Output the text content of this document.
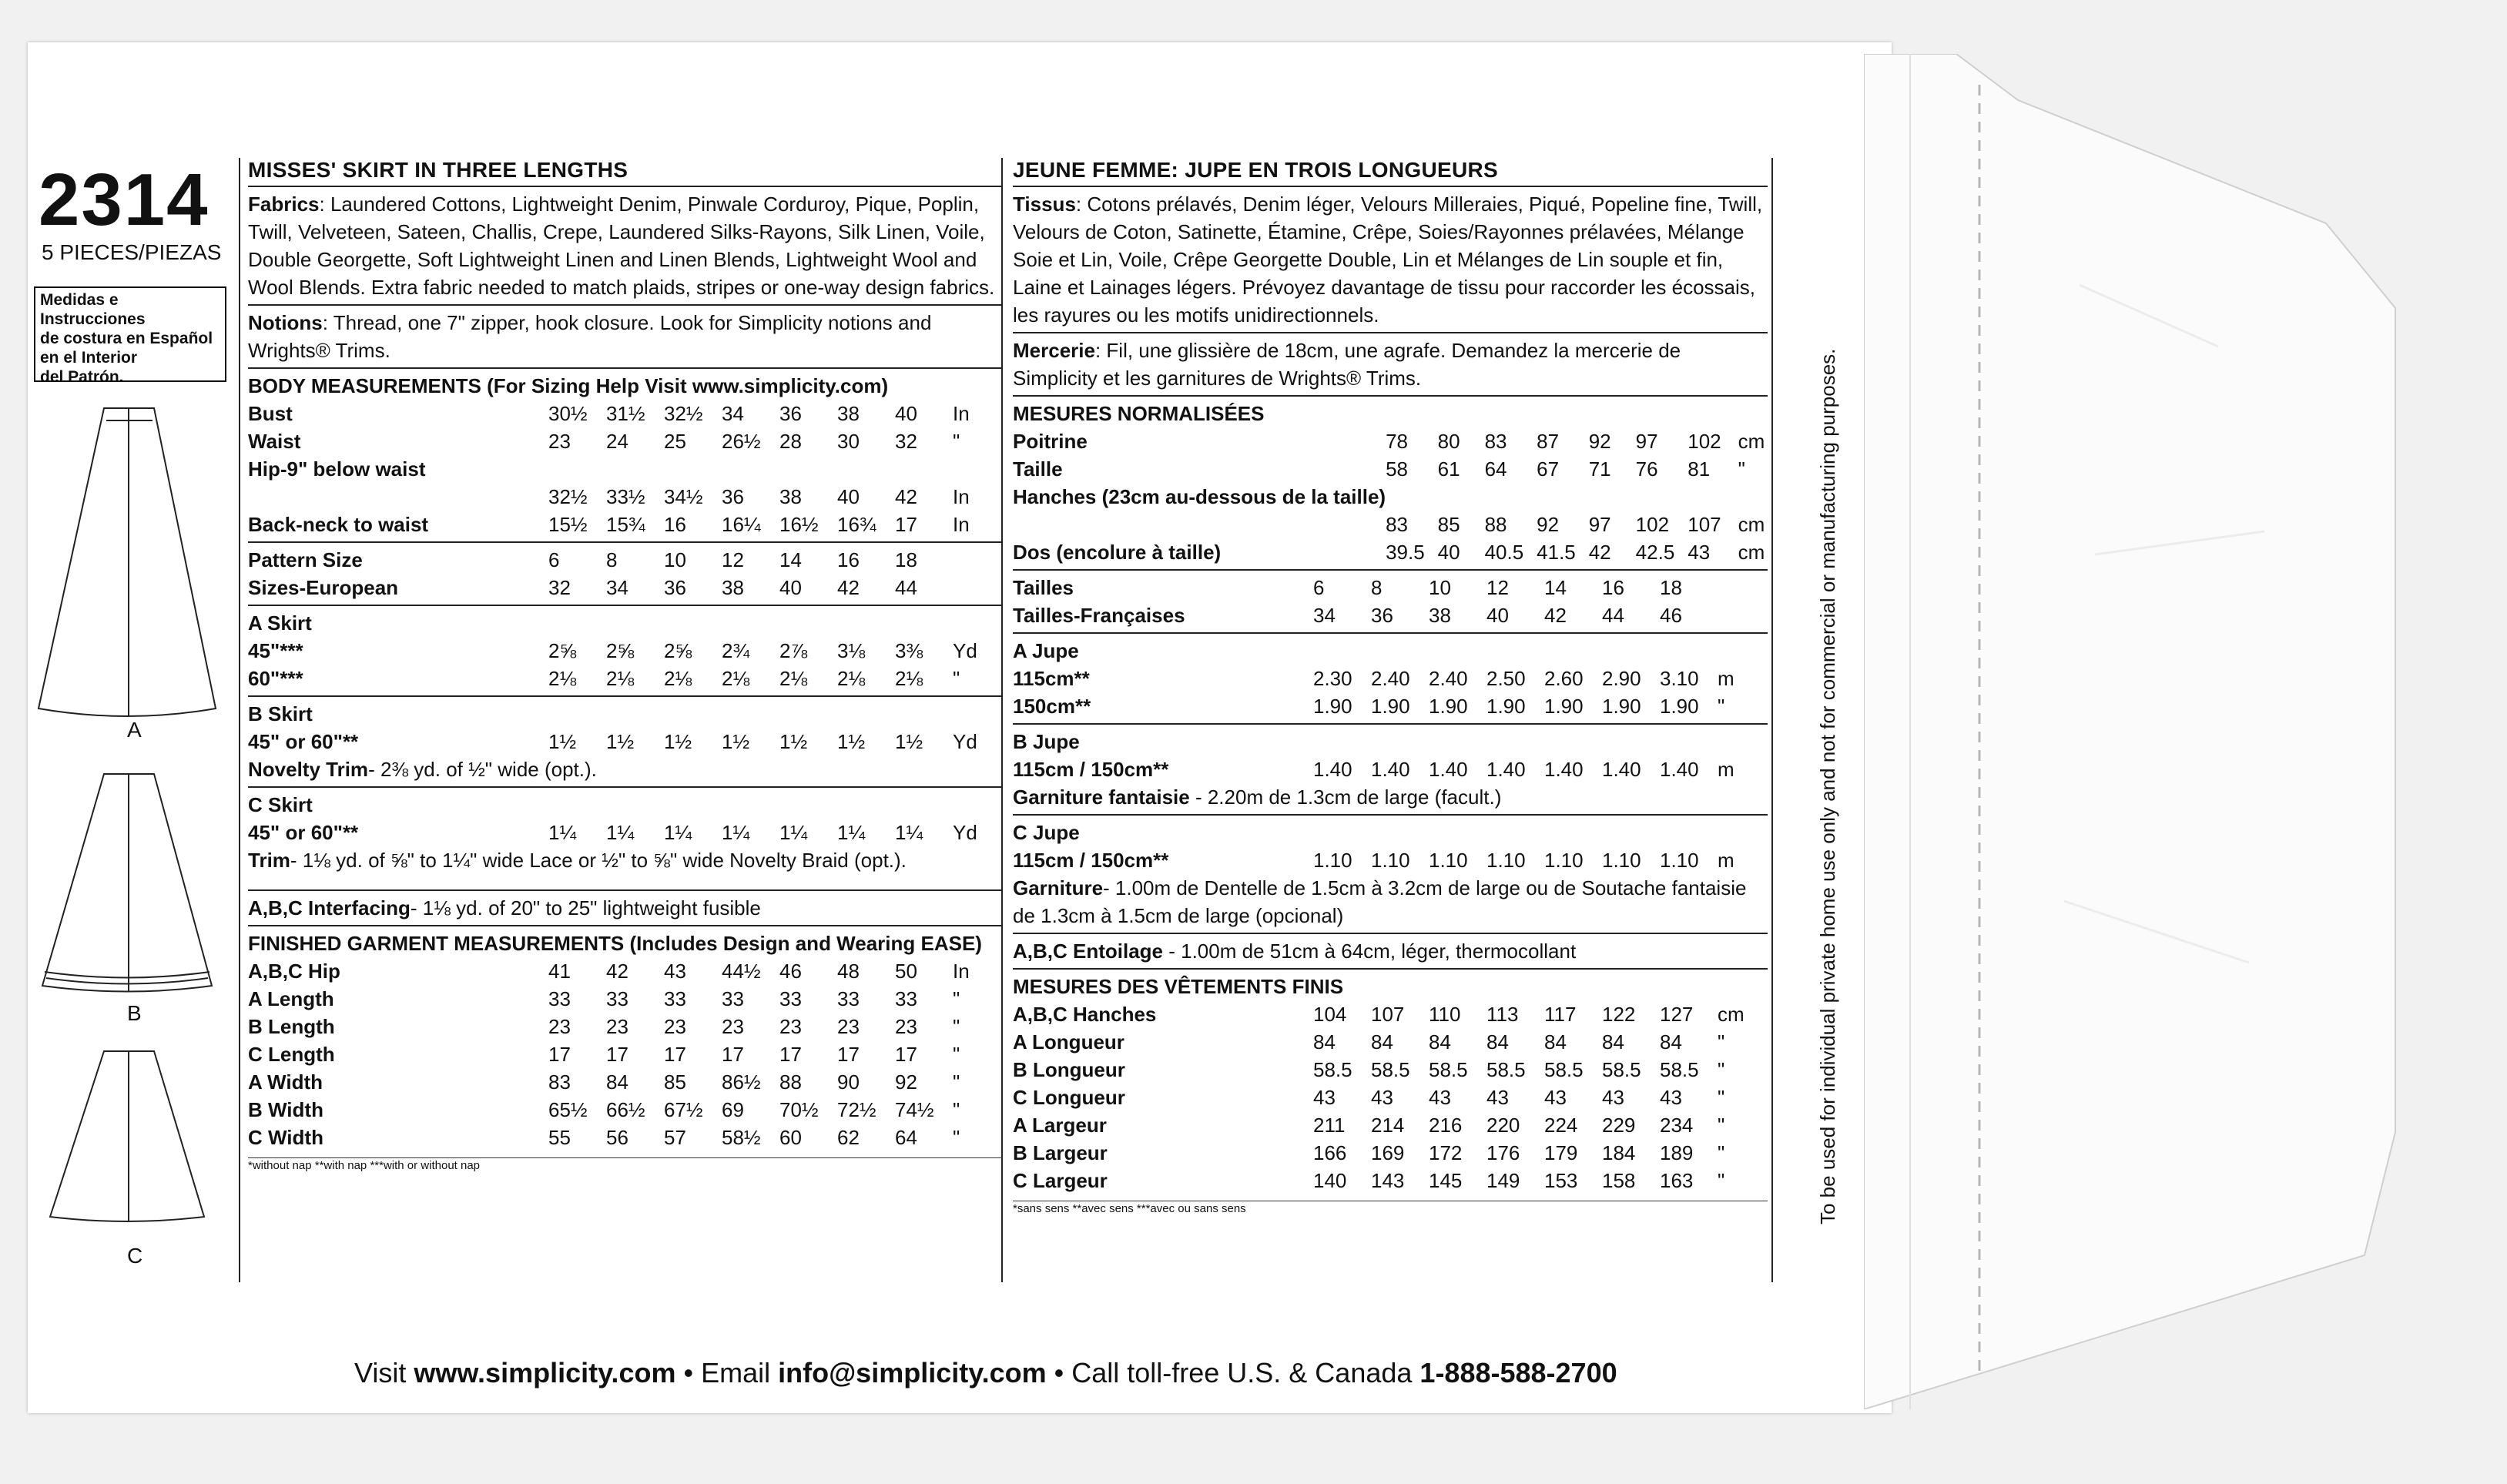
2314
5 PIECES/PIEZAS
Medidas e Instrucciones
de costura en Español
en el Interior
del Patrón.
A
B
C
MISSES' SKIRT IN THREE LENGTHS

Fabrics: Laundered Cottons, Lightweight Denim, Pinwale Corduroy, Pique, Poplin, Twill, Velveteen, Sateen, Challis, Crepe, Laundered Silks-Rayons, Silk Linen, Voile, Double Georgette, Soft Lightweight Linen and Linen Blends, Lightweight Wool and Wool Blends. Extra fabric needed to match plaids, stripes or one-way design fabrics.

Notions: Thread, one 7" zipper, hook closure. Look for Simplicity notions and Wrights® Trims.

BODY MEASUREMENTS (For Sizing Help Visit www.simplicity.com)
Bust	30½	31½	32½	34	36	38	40	In
Waist	23	24	25	26½	28	30	32	"
Hip-9" below waist								
	32½	33½	34½	36	38	40	42	In
Back-neck to waist	15½	15¾	16	16¼	16½	16¾	17	In
Pattern Size	6	8	10	12	14	16	18	
Sizes-European	32	34	36	38	40	42	44	
A Skirt
45"***	2⅝	2⅝	2⅝	2¾	2⅞	3⅛	3⅜	Yd
60"***	2⅛	2⅛	2⅛	2⅛	2⅛	2⅛	2⅛	"
B Skirt
45" or 60"**	1½	1½	1½	1½	1½	1½	1½	Yd

Novelty Trim- 2⅜ yd. of ½" wide (opt.).

C Skirt
45" or 60"**	1¼	1¼	1¼	1¼	1¼	1¼	1¼	Yd

Trim- 1⅛ yd. of ⅝" to 1¼" wide Lace or ½" to ⅝" wide Novelty Braid (opt.).

A,B,C Interfacing- 1⅛ yd. of 20" to 25" lightweight fusible

FINISHED GARMENT MEASUREMENTS (Includes Design and Wearing EASE)
A,B,C Hip	41	42	43	44½	46	48	50	In
A Length	33	33	33	33	33	33	33	"
B Length	23	23	23	23	23	23	23	"
C Length	17	17	17	17	17	17	17	"
A Width	83	84	85	86½	88	90	92	"
B Width	65½	66½	67½	69	70½	72½	74½	"
C Width	55	56	57	58½	60	62	64	"
*without nap **with nap ***with or without nap
JEUNE FEMME: JUPE EN TROIS LONGUEURS

Tissus: Cotons prélavés, Denim léger, Velours Milleraies, Piqué, Popeline fine, Twill, Velours de Coton, Satinette, Étamine, Crêpe, Soies/Rayonnes prélavées, Mélange Soie et Lin, Voile, Crêpe Georgette Double, Lin et Mélanges de Lin souple et fin, Laine et Lainages légers. Prévoyez davantage de tissu pour raccorder les écossais, les rayures ou les motifs unidirectionnels.

Mercerie: Fil, une glissière de 18cm, une agrafe. Demandez la mercerie de Simplicity et les garnitures de Wrights® Trims.

MESURES NORMALISÉES
Poitrine	78	80	83	87	92	97	102	cm
Taille	58	61	64	67	71	76	81	"
Hanches (23cm au-dessous de la taille)								
	83	85	88	92	97	102	107	cm
Dos (encolure à taille)	39.5	40	40.5	41.5	42	42.5	43	cm
Tailles	6	8	10	12	14	16	18	
Tailles-Françaises	34	36	38	40	42	44	46	
A Jupe
115cm**	2.30	2.40	2.40	2.50	2.60	2.90	3.10	m
150cm**	1.90	1.90	1.90	1.90	1.90	1.90	1.90	"
B Jupe
115cm / 150cm**	1.40	1.40	1.40	1.40	1.40	1.40	1.40	m

Garniture fantaisie - 2.20m de 1.3cm de large (facult.)

C Jupe
115cm / 150cm**	1.10	1.10	1.10	1.10	1.10	1.10	1.10	m

Garniture- 1.00m de Dentelle de 1.5cm à 3.2cm de large ou de Soutache fantaisie de 1.3cm à 1.5cm de large (opcional)

A,B,C Entoilage - 1.00m de 51cm à 64cm, léger, thermocollant

MESURES DES VÊTEMENTS FINIS
A,B,C Hanches	104	107	110	113	117	122	127	cm
A Longueur	84	84	84	84	84	84	84	"
B Longueur	58.5	58.5	58.5	58.5	58.5	58.5	58.5	"
C Longueur	43	43	43	43	43	43	43	"
A Largeur	211	214	216	220	224	229	234	"
B Largeur	166	169	172	176	179	184	189	"
C Largeur	140	143	145	149	153	158	163	"
*sans sens **avec sens ***avec ou sans sens	To be used for individual private home use only and not for commercial or manufacturing purposes.
Visit www.simplicity.com • Email info@simplicity.com • Call toll-free U.S. & Canada 1-888-588-2700
